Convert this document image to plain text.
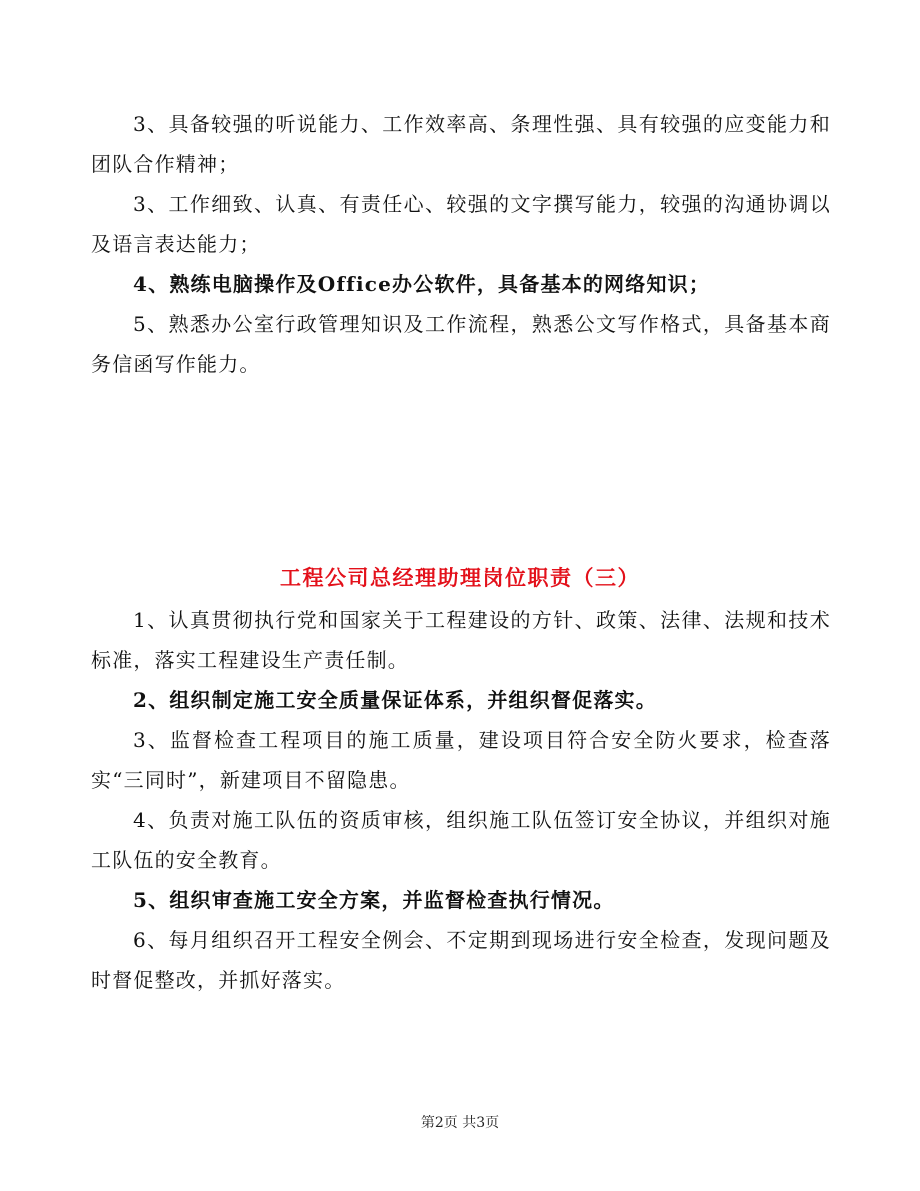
3、具备较强的听说能力、工作效率高、条理性强、具有较强的应变能力和团队合作精神；

3、工作细致、认真、有责任心、较强的文字撰写能力，较强的沟通协调以及语言表达能力；

4、熟练电脑操作及Office办公软件，具备基本的网络知识；

5、熟悉办公室行政管理知识及工作流程，熟悉公文写作格式，具备基本商务信函写作能力。

工程公司总经理助理岗位职责（三）

1、认真贯彻执行党和国家关于工程建设的方针、政策、法律、法规和技术标准，落实工程建设生产责任制。

2、组织制定施工安全质量保证体系，并组织督促落实。

3、监督检查工程项目的施工质量，建设项目符合安全防火要求，检查落实“三同时”，新建项目不留隐患。

4、负责对施工队伍的资质审核，组织施工队伍签订安全协议，并组织对施工队伍的安全教育。

5、组织审查施工安全方案，并监督检查执行情况。

6、每月组织召开工程安全例会、不定期到现场进行安全检查，发现问题及时督促整改，并抓好落实。

第2页 共3页
